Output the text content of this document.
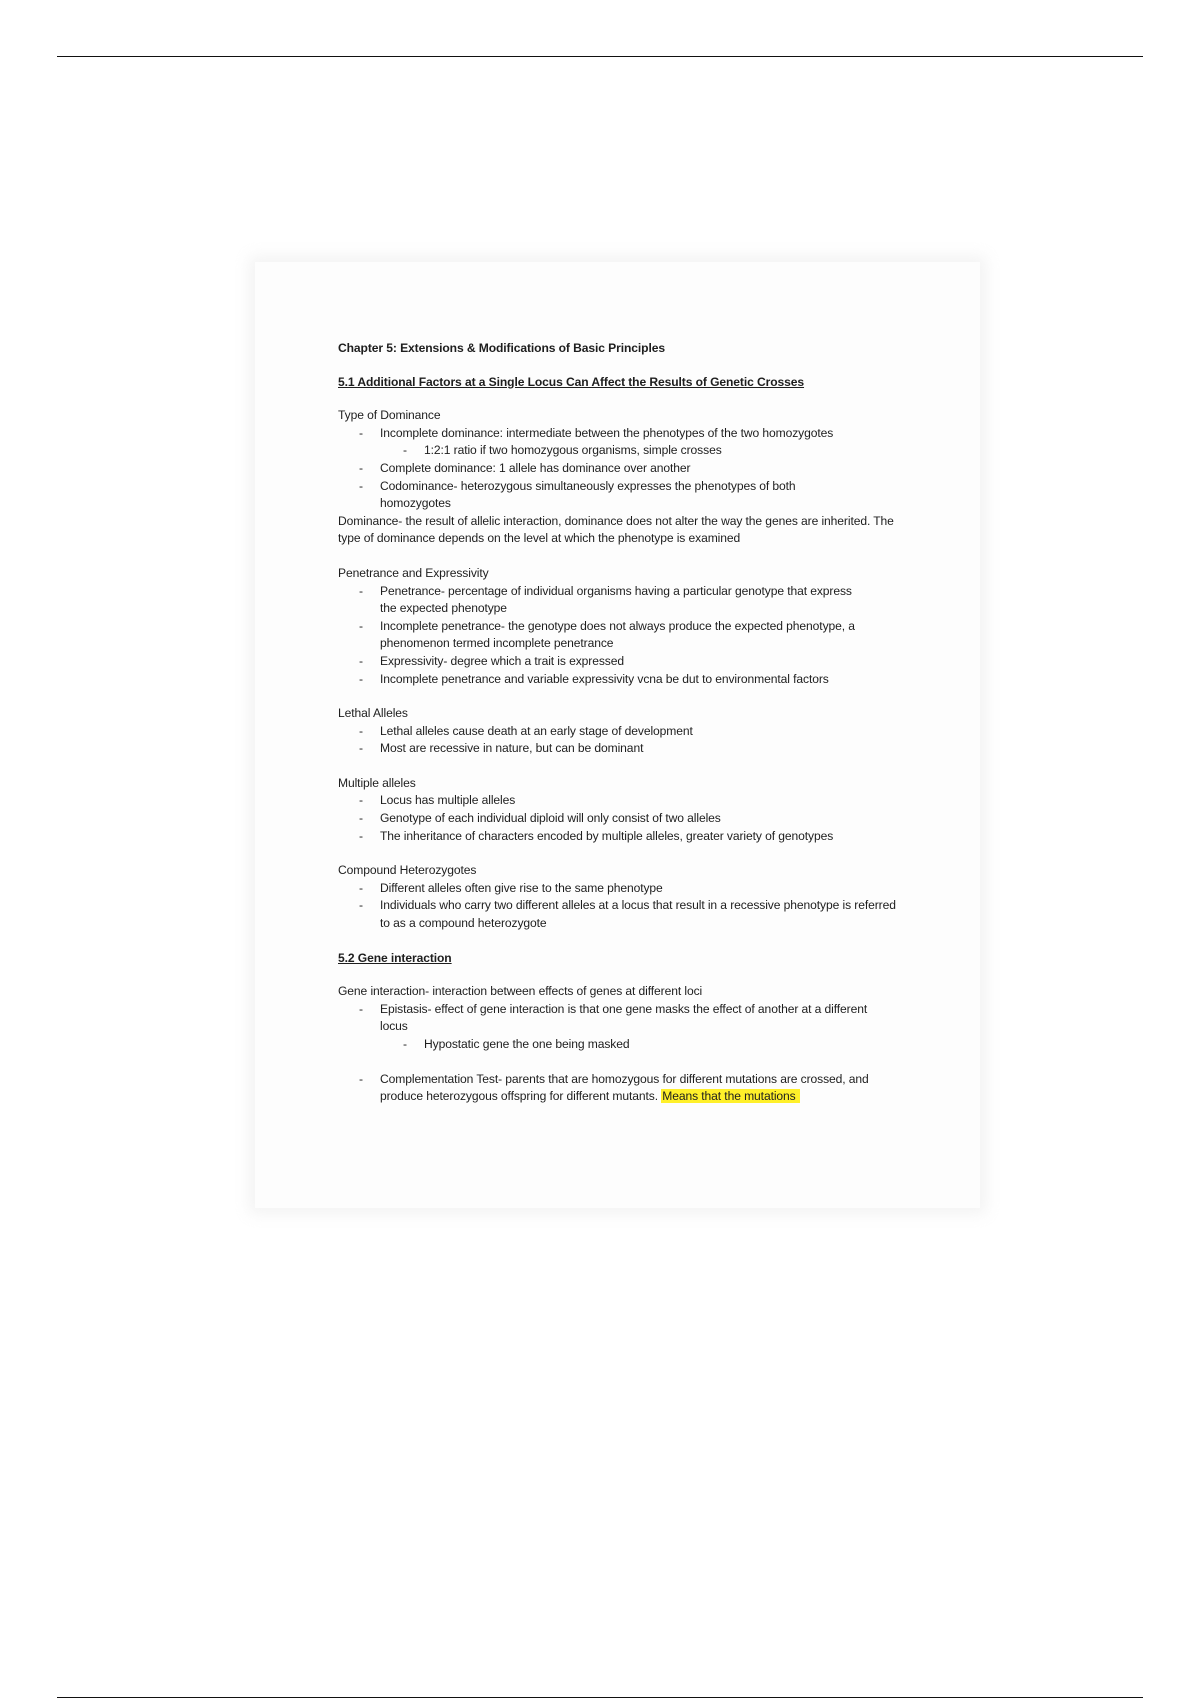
Chapter 5: Extensions & Modifications of Basic Principles
5.1 Additional Factors at a Single Locus Can Affect the Results of Genetic Crosses
Type of Dominance
- Incomplete dominance: intermediate between the phenotypes of the two homozygotes
- 1:2:1 ratio if two homozygous organisms, simple crosses
- Complete dominance: 1 allele has dominance over another
- Codominance- heterozygous simultaneously expresses the phenotypes of both homozygotes
Dominance- the result of allelic interaction, dominance does not alter the way the genes are inherited. The type of dominance depends on the level at which the phenotype is examined
Penetrance and Expressivity
- Penetrance- percentage of individual organisms having a particular genotype that express the expected phenotype
- Incomplete penetrance- the genotype does not always produce the expected phenotype, a phenomenon termed incomplete penetrance
- Expressivity- degree which a trait is expressed
- Incomplete penetrance and variable expressivity vcna be dut to environmental factors
Lethal Alleles
- Lethal alleles cause death at an early stage of development
- Most are recessive in nature, but can be dominant
Multiple alleles
- Locus has multiple alleles
- Genotype of each individual diploid will only consist of two alleles
- The inheritance of characters encoded by multiple alleles, greater variety of genotypes
Compound Heterozygotes
- Different alleles often give rise to the same phenotype
- Individuals who carry two different alleles at a locus that result in a recessive phenotype is referred to as a compound heterozygote
5.2 Gene interaction
Gene interaction- interaction between effects of genes at different loci
- Epistasis- effect of gene interaction is that one gene masks the effect of another at a different locus
- Hypostatic gene the one being masked
- Complementation Test- parents that are homozygous for different mutations are crossed, and produce heterozygous offspring for different mutants. Means that the mutations
